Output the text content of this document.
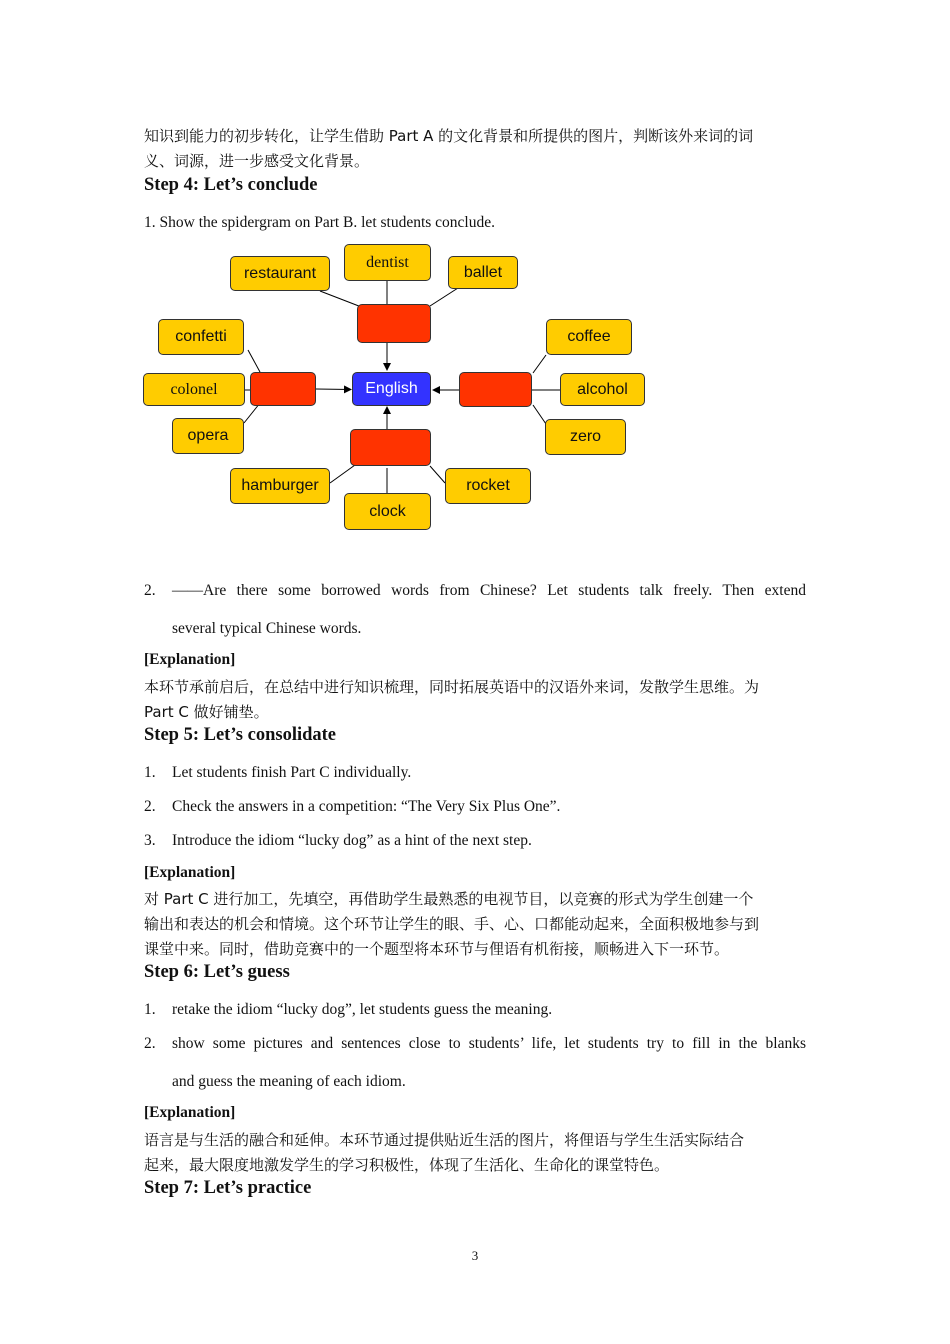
知识到能力的初步转化，让学生借助 Part A 的文化背景和所提供的图片，判断该外来词的词
义、词源，进一步感受文化背景。
Step 4: Let’s conclude
1. Show the spidergram on Part B. let students conclude.
restaurant
dentist
ballet
confetti
colonel
opera
English
coffee
alcohol
zero
hamburger
clock
rocket
2. ——Are there some borrowed words from Chinese? Let students talk freely. Then extend
several typical Chinese words.
[Explanation]
本环节承前启后，在总结中进行知识梳理，同时拓展英语中的汉语外来词，发散学生思维。为
Part C 做好铺垫。
Step 5: Let’s consolidate
1. Let students finish Part C individually.
2. Check the answers in a competition: “The Very Six Plus One”.
3. Introduce the idiom “lucky dog” as a hint of the next step.
[Explanation]
对 Part C 进行加工，先填空，再借助学生最熟悉的电视节目，以竞赛的形式为学生创建一个
输出和表达的机会和情境。这个环节让学生的眼、手、心、口都能动起来，全面积极地参与到
课堂中来。同时，借助竞赛中的一个题型将本环节与俚语有机衔接，顺畅进入下一环节。
Step 6: Let’s guess
1. retake the idiom “lucky dog”, let students guess the meaning.
2. show some pictures and sentences close to students’ life, let students try to fill in the blanks
and guess the meaning of each idiom.
[Explanation]
语言是与生活的融合和延伸。本环节通过提供贴近生活的图片，将俚语与学生生活实际结合
起来，最大限度地激发学生的学习积极性，体现了生活化、生命化的课堂特色。
Step 7: Let’s practice
3
